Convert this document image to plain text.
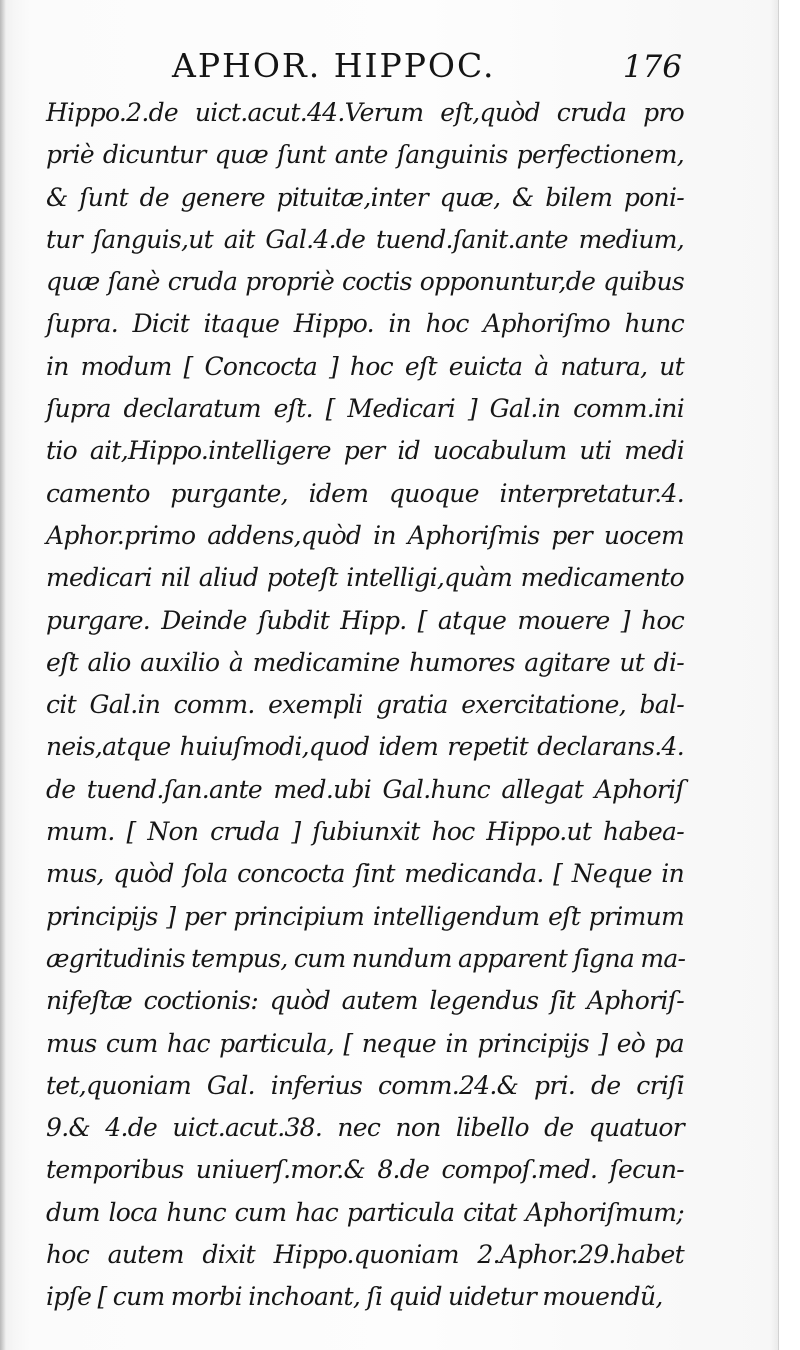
APHOR. HIPPOC.	176
Hippo.2.de uict.acut.44.Verum eſt,quòd cruda pro
priè dicuntur quæ ſunt ante ſanguinis perfectionem,
& ſunt de genere pituitæ,inter quæ, & bilem poni-
tur ſanguis,ut ait Gal.4.de tuend.ſanit.ante medium,
quæ ſanè cruda propriè coctis opponuntur,de quibus
ſupra. Dicit itaque Hippo. in hoc Aphoriſmo hunc
in modum [ Concocta ] hoc eſt euicta à natura, ut
ſupra declaratum eſt. [ Medicari ] Gal.in comm.ini
tio ait,Hippo.intelligere per id uocabulum uti medi
camento purgante, idem quoque interpretatur.4.
Aphor.primo addens,quòd in Aphoriſmis per uocem
medicari nil aliud poteſt intelligi,quàm medicamento
purgare. Deinde ſubdit Hipp. [ atque mouere ] hoc
eſt alio auxilio à medicamine humores agitare ut di-
cit Gal.in comm. exempli gratia exercitatione, bal-
neis,atque huiuſmodi,quod idem repetit declarans.4.
de tuend.ſan.ante med.ubi Gal.hunc allegat Aphoriſ
mum. [ Non cruda ] ſubiunxit hoc Hippo.ut habea-
mus, quòd ſola concocta ſint medicanda. [ Neque in
principijs ] per principium intelligendum eſt primum
ægritudinis tempus, cum nundum apparent ſigna ma-
nifeſtæ coctionis: quòd autem legendus ſit Aphoriſ-
mus cum hac particula, [ neque in principijs ] eò pa
tet,quoniam Gal. inferius comm.24.& pri. de criſi
9.& 4.de uict.acut.38. nec non libello de quatuor
temporibus uniuerſ.mor.& 8.de compoſ.med. ſecun-
dum loca hunc cum hac particula citat Aphoriſmum;
hoc autem dixit Hippo.quoniam 2.Aphor.29.habet
ipſe [ cum morbi inchoant, ſi quid uidetur mouendũ,
